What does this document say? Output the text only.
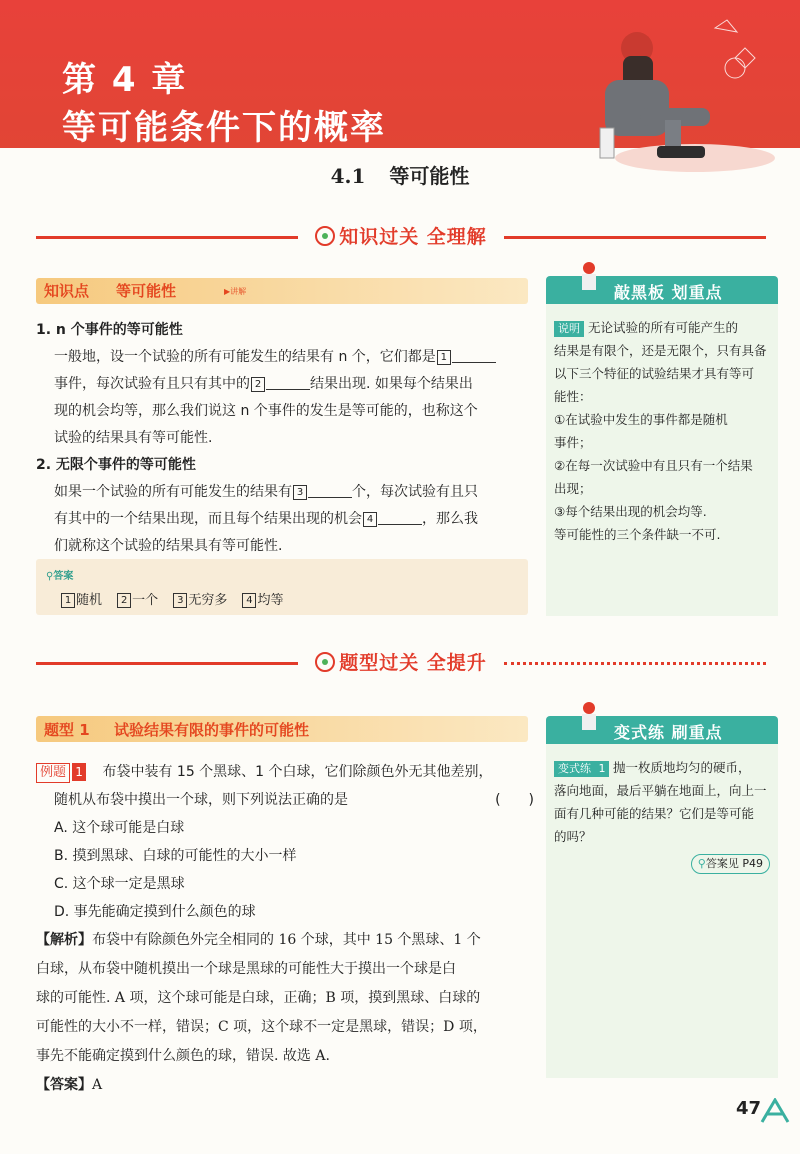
第 4 章
等可能条件下的概率
4.1 等可能性
知识过关 全理解
知识点 等可能性	▶讲解
1. n 个事件的等可能性
一般地，设一个试验的所有可能发生的结果有 n 个，它们都是 1
事件，每次试验有且只有其中的 2	结果出现. 如果每个结果出
现的机会均等，那么我们说这 n 个事件的发生是等可能的，也称这个
试验的结果具有等可能性.
2. 无限个事件的等可能性
如果一个试验的所有可能发生的结果有 3	个，每次试验有且只
有其中的一个结果出现，而且每个结果出现的机会 4	，那么我
们就称这个试验的结果具有等可能性.
⚲答案
1 随机 2 一个 3 无穷多 4 均等
敲黑板 划重点
说明 无论试验的所有可能产生的
结果是有限个，还是无限个，只有具备
以下三个特征的试验结果才具有等可
能性：
①在试验中发生的事件都是随机
事件；
②在每一次试验中有且只有一个结果
出现；
③每个结果出现的机会均等.
等可能性的三个条件缺一不可.
题型过关 全提升
题型 1 试验结果有限的事件的可能性
例题 1 布袋中装有 15 个黑球、1 个白球，它们除颜色外无其他差别，
随机从布袋中摸出一个球，则下列说法正确的是	(　　)
A. 这个球可能是白球
B. 摸到黑球、白球的可能性的大小一样
C. 这个球一定是黑球
D. 事先能确定摸到什么颜色的球
【解析】布袋中有除颜色外完全相同的 16 个球，其中 15 个黑球、1 个
白球，从布袋中随机摸出一个球是黑球的可能性大于摸出一个球是白
球的可能性. A 项，这个球可能是白球，正确；B 项，摸到黑球、白球的
可能性的大小不一样，错误；C 项，这个球不一定是黑球，错误；D 项，
事先不能确定摸到什么颜色的球，错误. 故选 A.
【答案】A
变式练 刷重点
变式练 1 抛一枚质地均匀的硬币，
落向地面，最后平躺在地面上，向上一
面有几种可能的结果？它们是等可能
的吗？
⚲答案见 P49
47
